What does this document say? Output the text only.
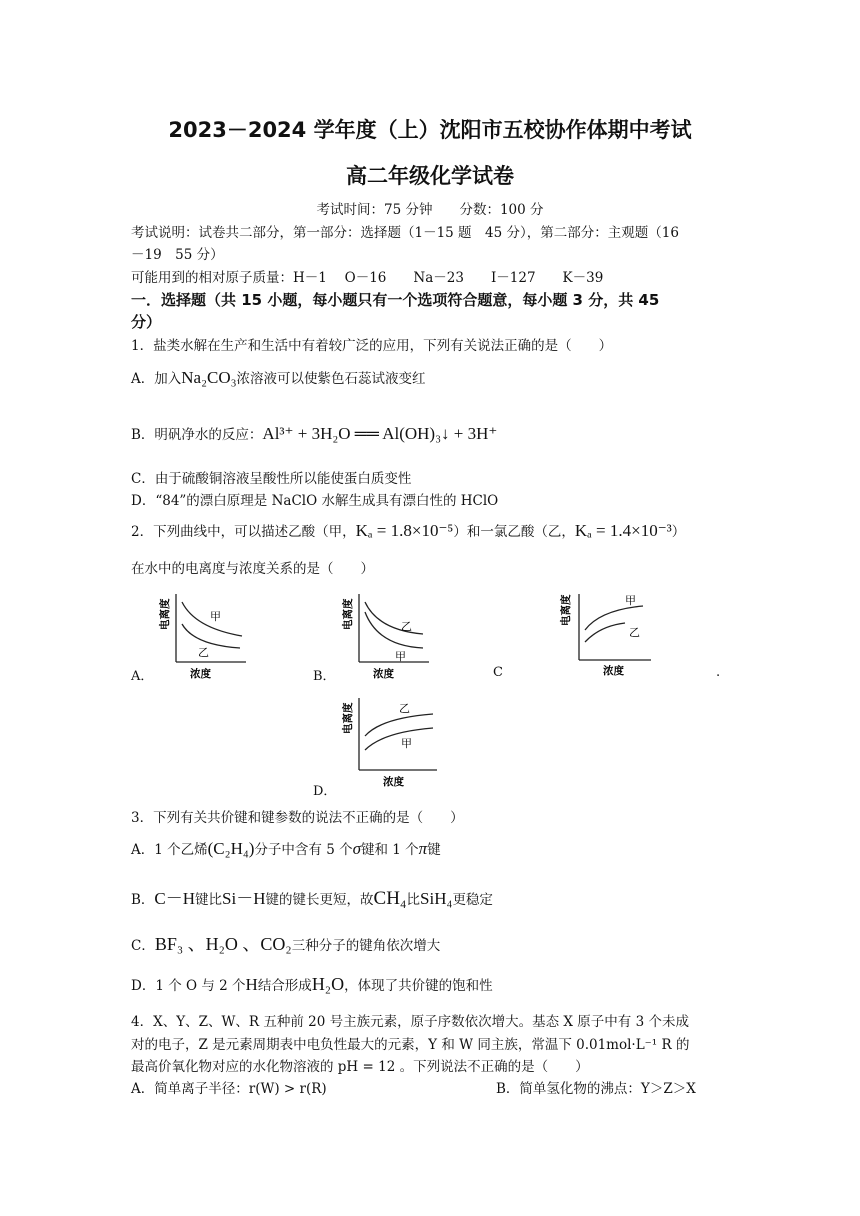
2023－2024 学年度（上）沈阳市五校协作体期中考试
高二年级化学试卷
考试时间：75 分钟　　分数：100 分
考试说明：试卷共二部分，第一部分：选择题（1－15 题　45 分），第二部分：主观题（16
－19　55 分）
可能用到的相对原子质量：H－1　 O－16　　Na－23　　I－127　　K－39
一．选择题（共 15 小题，每小题只有一个选项符合题意，每小题 3 分，共 45
分）
1．盐类水解在生产和生活中有着较广泛的应用，下列有关说法正确的是（　　）
A．加入Na₂CO₃浓溶液可以使紫色石蕊试液变红
B．明矾净水的反应：Al³⁺ + 3H₂O ══ Al(OH)₃↓ + 3H⁺
C．由于硫酸铜溶液呈酸性所以能使蛋白质变性
D．“84”的漂白原理是 NaClO 水解生成具有漂白性的 HClO
2．下列曲线中，可以描述乙酸（甲，Kₐ = 1.8×10⁻⁵）和一氯乙酸（乙，Kₐ = 1.4×10⁻³）
在水中的电离度与浓度关系的是（　　）
甲
乙
浓度
电离度
A．
乙
甲
浓度
电离度
B．
甲
乙
浓度
电离度
C	.
乙
甲
浓度
电离度
D．
3．下列有关共价键和键参数的说法不正确的是（　　）
A．1 个乙烯(C₂H₄)分子中含有 5 个σ键和 1 个π键
B．C－H键比Si－H键的键长更短，故CH₄比SiH₄更稳定
C．BF₃ 、H₂O 、CO₂三种分子的键角依次增大
D．1 个 O 与 2 个H结合形成H₂O，体现了共价键的饱和性
4．X、Y、Z、W、R 五种前 20 号主族元素，原子序数依次增大。基态 X 原子中有 3 个未成
对的电子，Z 是元素周期表中电负性最大的元素，Y 和 W 同主族，常温下 0.01mol·L⁻¹ R 的
最高价氧化物对应的水化物溶液的 pH = 12 。下列说法不正确的是（　　）
A．简单离子半径：r(W) > r(R)	B．简单氢化物的沸点：Y＞Z＞X
